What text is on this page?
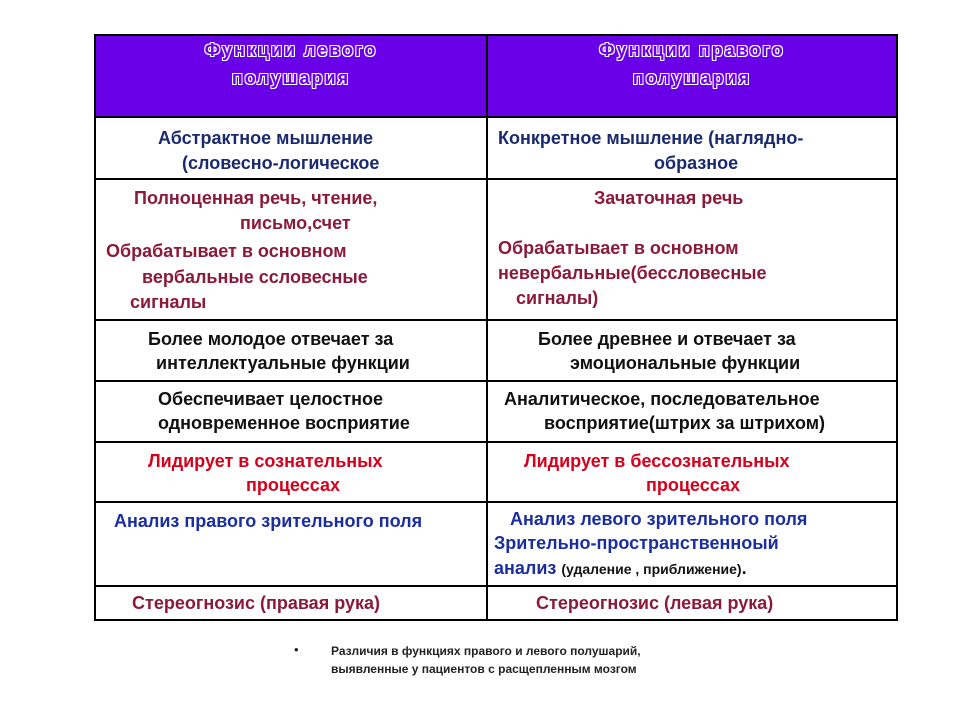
Функции левого
полушария	Функции правого
полушария

Абстрактное мышление
(словесно-логическое	Конкретное мышление (наглядно-
образное

Полноценная речь, чтение,
письмо,счет
Обрабатывает в основном
вербальные ссловесные
сигналы	Зачаточная речь
Обрабатывает в основном
невербальные(бессловесные
сигналы)

Более молодое отвечает за
интеллектуальные функции	Более древнее и отвечает за
эмоциональные функции

Обеспечивает целостное
одновременное восприятие	Аналитическое, последовательное
восприятие(штрих за штрихом)

Лидирует в сознательных
процессах	Лидирует в бессознательных
процессах

Анализ правого зрительного поля	Анализ левого зрительного поля
Зрительно-пространственноый
анализ (удаление , приближение).

Стереогнозис (правая рука)	Стереогнозис (левая рука)
•	Различия в функциях правого и левого полушарий,
выявленные у пациентов с расщепленным мозгом
